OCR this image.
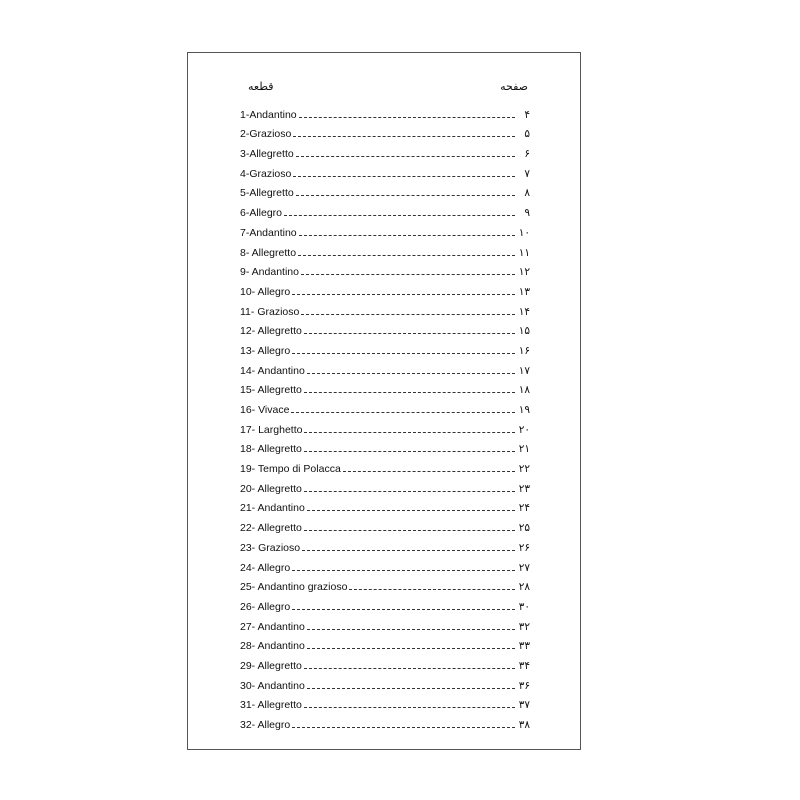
قطعه	صفحه
1-Andantino	۴
2-Grazioso	۵
3-Allegretto	۶
4-Grazioso	۷
5-Allegretto	۸
6-Allegro	۹
7-Andantino	۱۰
8- Allegretto	۱۱
9- Andantino	۱۲
10- Allegro	۱۳
11- Grazioso	۱۴
12- Allegretto	۱۵
13- Allegro	۱۶
14- Andantino	۱۷
15- Allegretto	۱۸
16- Vivace	۱۹
17- Larghetto	۲۰
18- Allegretto	۲۱
19- Tempo di Polacca	۲۲
20- Allegretto	۲۳
21- Andantino	۲۴
22- Allegretto	۲۵
23- Grazioso	۲۶
24- Allegro	۲۷
25- Andantino grazioso	۲۸
26- Allegro	۳۰
27- Andantino	۳۲
28- Andantino	۳۳
29- Allegretto	۳۴
30- Andantino	۳۶
31- Allegretto	۳۷
32- Allegro	۳۸
